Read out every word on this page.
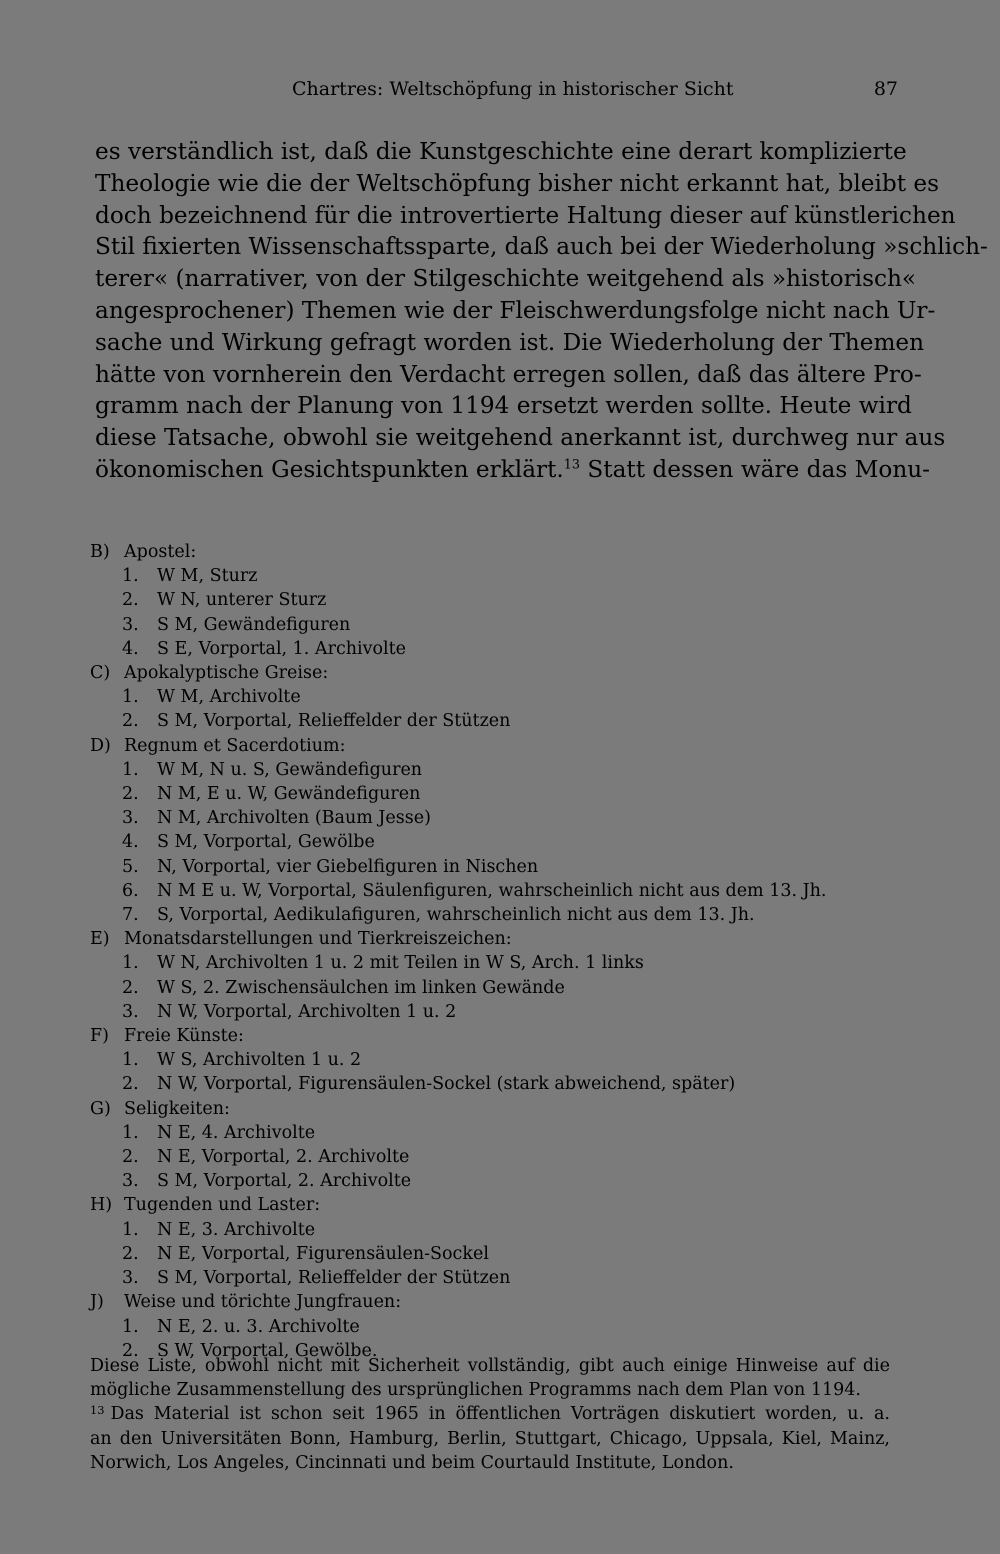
Chartres: Weltschöpfung in historischer Sicht	87
es verständlich ist, daß die Kunstgeschichte eine derart komplizierte
Theologie wie die der Weltschöpfung bisher nicht erkannt hat, bleibt es
doch bezeichnend für die introvertierte Haltung dieser auf künstlerichen
Stil fixierten Wissenschaftssparte, daß auch bei der Wiederholung »schlich-
terer« (narrativer, von der Stilgeschichte weitgehend als »historisch«
angesprochener) Themen wie der Fleischwerdungsfolge nicht nach Ur-
sache und Wirkung gefragt worden ist. Die Wiederholung der Themen
hätte von vornherein den Verdacht erregen sollen, daß das ältere Pro-
gramm nach der Planung von 1194 ersetzt werden sollte. Heute wird
diese Tatsache, obwohl sie weitgehend anerkannt ist, durchweg nur aus
ökonomischen Gesichtspunkten erklärt.$^{13}$ Statt dessen wäre das Monu-
B) Apostel:
1. W M, Sturz
2. W N, unterer Sturz
3. S M, Gewändefiguren
4. S E, Vorportal, 1. Archivolte
C) Apokalyptische Greise:
1. W M, Archivolte
2. S M, Vorportal, Relieffelder der Stützen
D) Regnum et Sacerdotium:
1. W M, N u. S, Gewändefiguren
2. N M, E u. W, Gewändefiguren
3. N M, Archivolten (Baum Jesse)
4. S M, Vorportal, Gewölbe
5. N, Vorportal, vier Giebelfiguren in Nischen
6. N M E u. W, Vorportal, Säulenfiguren, wahrscheinlich nicht aus dem 13. Jh.
7. S, Vorportal, Aedikulafiguren, wahrscheinlich nicht aus dem 13. Jh.
E) Monatsdarstellungen und Tierkreiszeichen:
1. W N, Archivolten 1 u. 2 mit Teilen in W S, Arch. 1 links
2. W S, 2. Zwischensäulchen im linken Gewände
3. N W, Vorportal, Archivolten 1 u. 2
F) Freie Künste:
1. W S, Archivolten 1 u. 2
2. N W, Vorportal, Figurensäulen-Sockel (stark abweichend, später)
G) Seligkeiten:
1. N E, 4. Archivolte
2. N E, Vorportal, 2. Archivolte
3. S M, Vorportal, 2. Archivolte
H) Tugenden und Laster:
1. N E, 3. Archivolte
2. N E, Vorportal, Figurensäulen-Sockel
3. S M, Vorportal, Relieffelder der Stützen
J) Weise und törichte Jungfrauen:
1. N E, 2. u. 3. Archivolte
2. S W, Vorportal, Gewölbe.
Diese Liste, obwohl nicht mit Sicherheit vollständig, gibt auch einige Hinweise auf die
mögliche Zusammenstellung des ursprünglichen Programms nach dem Plan von 1194.
$^{13}$ Das Material ist schon seit 1965 in öffentlichen Vorträgen diskutiert worden, u. a.
an den Universitäten Bonn, Hamburg, Berlin, Stuttgart, Chicago, Uppsala, Kiel, Mainz,
Norwich, Los Angeles, Cincinnati und beim Courtauld Institute, London.
